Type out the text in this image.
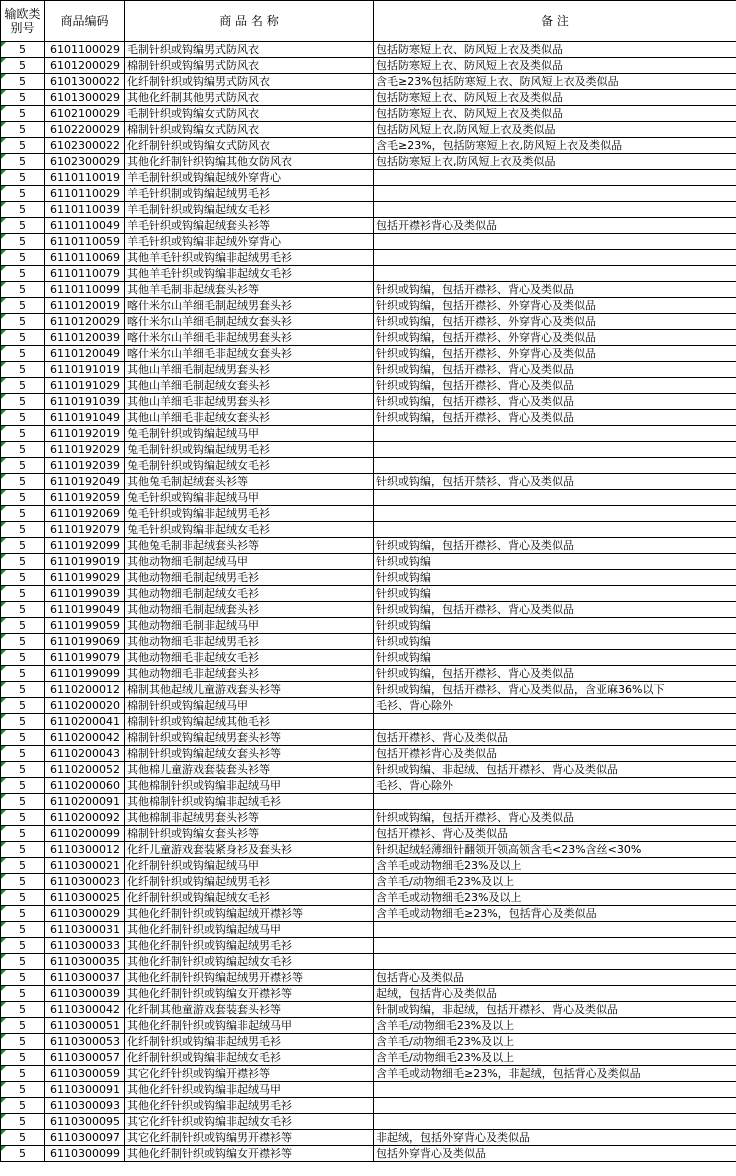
输欧类别号	商品编码	商 品 名 称	备 注
5	6101100029	毛制针织或钩编男式防风衣	包括防寒短上衣、防风短上衣及类似品
5	6101200029	棉制针织或钩编男式防风衣	包括防寒短上衣、防风短上衣及类似品
5	6101300022	化纤制针织或钩编男式防风衣	含毛≥23%包括防寒短上衣、防风短上衣及类似品
5	6101300029	其他化纤制其他男式防风衣	包括防寒短上衣、防风短上衣及类似品
5	6102100029	毛制针织或钩编女式防风衣	包括防寒短上衣、防风短上衣及类似品
5	6102200029	棉制针织或钩编女式防风衣	包括防风短上衣,防风短上衣及类似品
5	6102300022	化纤制针织或钩编女式防风衣	含毛≥23%，包括防寒短上衣,防风短上衣及类似品
5	6102300029	其他化纤制针织钩编其他女防风衣	包括防寒短上衣,防风短上衣及类似品
5	6110110019	羊毛制针织或钩编起绒外穿背心	
5	6110110029	羊毛针织制或钩编起绒男毛衫	
5	6110110039	羊毛制针织或钩编起绒女毛衫	
5	6110110049	羊毛针织或钩编起绒套头衫等	包括开襟衫背心及类似品
5	6110110059	羊毛针织或钩编非起绒外穿背心	
5	6110110069	其他羊毛针织或钩编非起绒男毛衫	
5	6110110079	其他羊毛针织或钩编非起绒女毛衫	
5	6110110099	其他羊毛制非起绒套头衫等	针织或钩编，包括开襟衫、背心及类似品
5	6110120019	喀什米尔山羊细毛制起绒男套头衫	针织或钩编，包括开襟衫、外穿背心及类似品
5	6110120029	喀什米尔山羊细毛制起绒女套头衫	针织或钩编，包括开襟衫、外穿背心及类似品
5	6110120039	喀什米尔山羊细毛非起绒男套头衫	针织或钩编，包括开襟衫、外穿背心及类似品
5	6110120049	喀什米尔山羊细毛非起绒女套头衫	针织或钩编，包括开襟衫、外穿背心及类似品
5	6110191019	其他山羊细毛制起绒男套头衫	针织或钩编，包括开襟衫、背心及类似品
5	6110191029	其他山羊细毛制起绒女套头衫	针织或钩编，包括开襟衫、背心及类似品
5	6110191039	其他山羊细毛非起绒男套头衫	针织或钩编，包括开襟衫、背心及类似品
5	6110191049	其他山羊细毛非起绒女套头衫	针织或钩编，包括开襟衫、背心及类似品
5	6110192019	兔毛制针织或钩编起绒马甲	
5	6110192029	兔毛制针织或钩编起绒男毛衫	
5	6110192039	兔毛制针织或钩编起绒女毛衫	
5	6110192049	其他兔毛制起绒套头衫等	针织或钩编，包括开禁衫、背心及类似品
5	6110192059	兔毛针织或钩编非起绒马甲	
5	6110192069	兔毛针织或钩编非起绒男毛衫	
5	6110192079	兔毛针织或钩编非起绒女毛衫	
5	6110192099	其他兔毛制非起绒套头衫等	针织或钩编，包括开襟衫、背心及类似品
5	6110199019	其他动物细毛制起绒马甲	针织或钩编
5	6110199029	其他动物细毛制起绒男毛衫	针织或钩编
5	6110199039	其他动物细毛制起绒女毛衫	针织或钩编
5	6110199049	其他动物细毛制起绒套头衫	针织或钩编，包括开襟衫、背心及类似品
5	6110199059	其他动物细毛制非起绒马甲	针织或钩编
5	6110199069	其他动物细毛非起绒男毛衫	针织或钩编
5	6110199079	其他动物细毛非起绒女毛衫	针织或钩编
5	6110199099	其他动物细毛非起绒套头衫	针织或钩编，包括开襟衫、背心及类似品
5	6110200012	棉制其他起绒儿童游戏套头衫等	针织或钩编，包括开襟衫、背心及类似品，含亚麻36%以下
5	6110200020	棉制针织或钩编起绒马甲	毛衫、背心除外
5	6110200041	棉制针织或钩编起绒其他毛衫	
5	6110200042	棉制针织或钩编起绒男套头衫等	包括开襟衫、背心及类似品
5	6110200043	棉制针织或钩编起绒女套头衫等	包括开襟衫背心及类似品
5	6110200052	其他棉儿童游戏套装套头衫等	针织或钩编、非起绒、包括开襟衫、背心及类似品
5	6110200060	其他棉制针织或钩编非起绒马甲	毛衫、背心除外
5	6110200091	其他棉制针织或钩编非起绒毛衫	
5	6110200092	其他棉制非起绒男套头衫等	针织或钩编，包括开襟衫、背心及类似品
5	6110200099	棉制针织或钩编女套头衫等	包括开襟衫、背心及类似品
5	6110300012	化纤儿童游戏套装紧身衫及套头衫	针织起绒轻薄细针翻领开领高领含毛<23%含丝<30%
5	6110300021	化纤制针织或钩编起绒马甲	含羊毛或动物细毛23%及以上
5	6110300023	化纤制针织或钩编起绒男毛衫	含羊毛/动物细毛23%及以上
5	6110300025	化纤制针织或钩编起绒女毛衫	含羊毛或动物细毛23%及以上
5	6110300029	其他化纤制针织或钩编起绒开襟衫等	含羊毛或动物细毛≥23%，包括背心及类似品
5	6110300031	其他化纤制针织或钩编起绒马甲	
5	6110300033	其他化纤制针织或钩编起绒男毛衫	
5	6110300035	其他化纤制针织或钩编起绒女毛衫	
5	6110300037	其他化纤制针织钩编起绒男开襟衫等	包括背心及类似品
5	6110300039	其他化纤制针织或钩编女开襟衫等	起绒，包括背心及类似品
5	6110300042	化纤制其他童游戏套装套头衫等	针制或钩编，非起绒，包括开襟衫、背心及类似品
5	6110300051	其他化纤制针织或钩编非起绒马甲	含羊毛/动物细毛23%及以上
5	6110300053	化纤制针织或钩编非起绒男毛衫	含羊毛/动物细毛23%及以上
5	6110300057	化纤制针织或钩编非起绒女毛衫	含羊毛/动物细毛23%及以上
5	6110300059	其它化纤针织或钩编开襟衫等	含羊毛或动物细毛≥23%，非起绒，包括背心及类似品
5	6110300091	其他化纤针织或钩编非起绒马甲	
5	6110300093	其他化纤针织或钩编非起绒男毛衫	
5	6110300095	其它化纤针织或钩编非起绒女毛衫	
5	6110300097	其它化纤制针织或钩编男开襟衫等	非起绒，包括外穿背心及类似品
5	6110300099	其他化纤制针织或钩编女开襟衫等	包括外穿背心及类似品
